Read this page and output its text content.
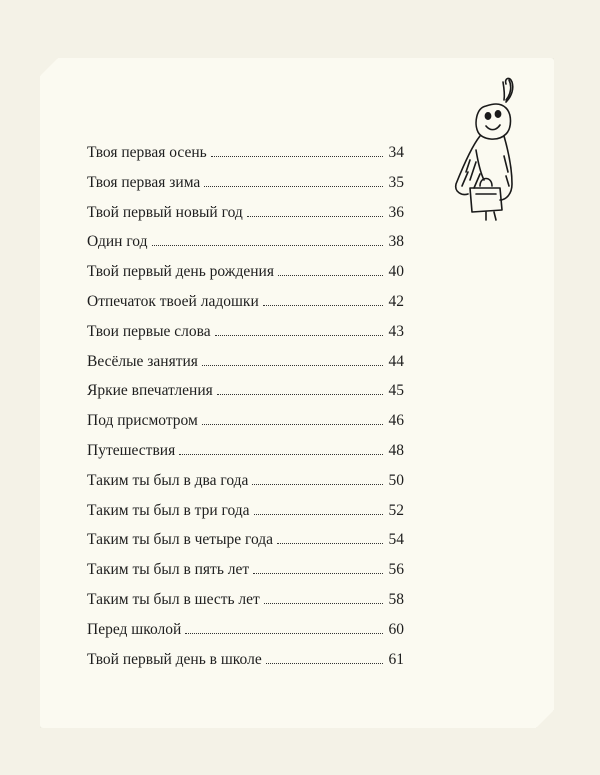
Твоя первая осень	34
Твоя первая зима	35
Твой первый новый год	36
Один год	38
Твой первый день рождения	40
Отпечаток твоей ладошки	42
Твои первые слова	43
Весёлые занятия	44
Яркие впечатления	45
Под присмотром	46
Путешествия	48
Таким ты был в два года	50
Таким ты был в три года	52
Таким ты был в четыре года	54
Таким ты был в пять лет	56
Таким ты был в шесть лет	58
Перед школой	60
Твой первый день в школе	61
